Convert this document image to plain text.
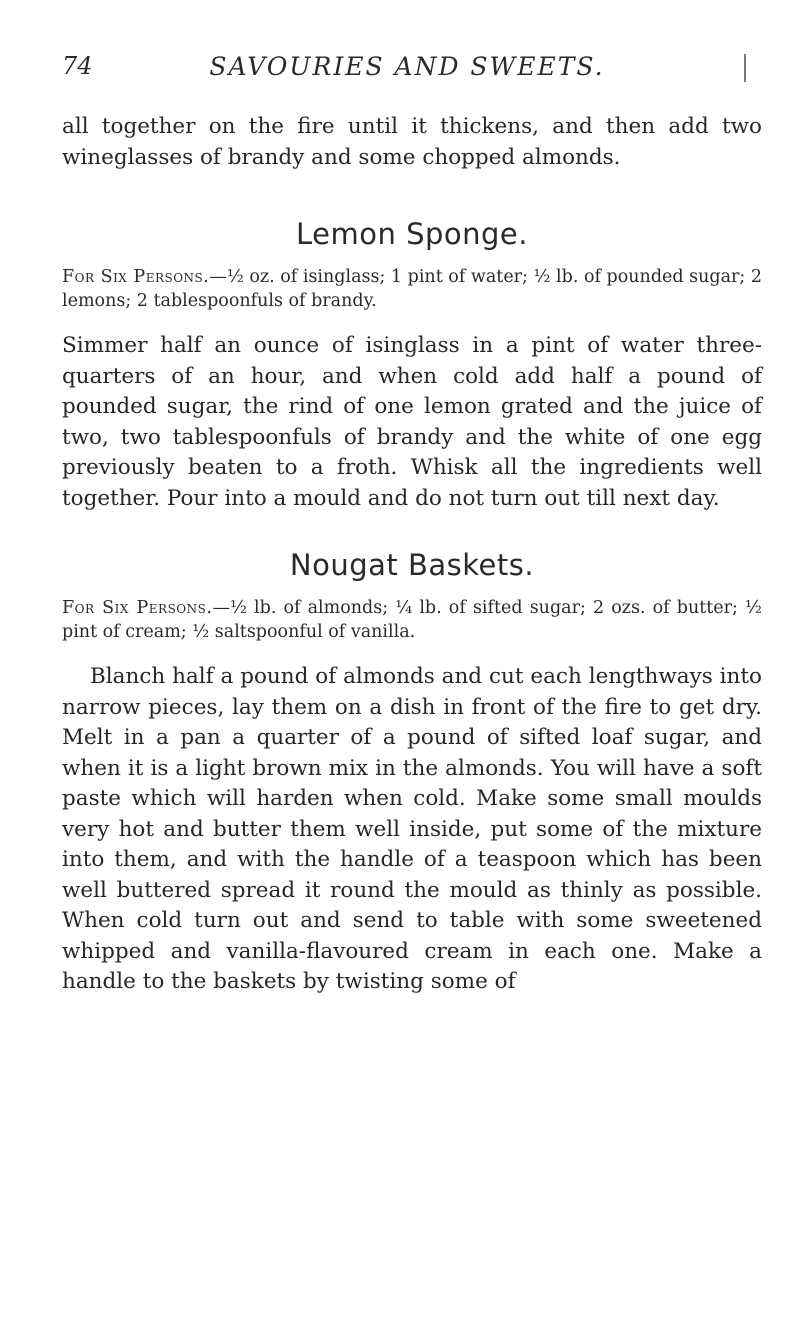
74	SAVOURIES AND SWEETS.

all together on the fire until it thickens, and then add two wineglasses of brandy and some chopped almonds.

Lemon Sponge.

For Six Persons.—½ oz. of isinglass; 1 pint of water; ½ lb. of pounded sugar; 2 lemons; 2 tablespoonfuls of brandy.

Simmer half an ounce of isinglass in a pint of water three-quarters of an hour, and when cold add half a pound of pounded sugar, the rind of one lemon grated and the juice of two, two tablespoonfuls of brandy and the white of one egg previously beaten to a froth. Whisk all the ingredients well together. Pour into a mould and do not turn out till next day.

Nougat Baskets.

For Six Persons.—½ lb. of almonds; ¼ lb. of sifted sugar; 2 ozs. of butter; ½ pint of cream; ½ saltspoonful of vanilla.

Blanch half a pound of almonds and cut each lengthways into narrow pieces, lay them on a dish in front of the fire to get dry. Melt in a pan a quarter of a pound of sifted loaf sugar, and when it is a light brown mix in the almonds. You will have a soft paste which will harden when cold. Make some small moulds very hot and butter them well inside, put some of the mixture into them, and with the handle of a teaspoon which has been well buttered spread it round the mould as thinly as possible. When cold turn out and send to table with some sweetened whipped and vanilla-flavoured cream in each one. Make a handle to the baskets by twisting some of
